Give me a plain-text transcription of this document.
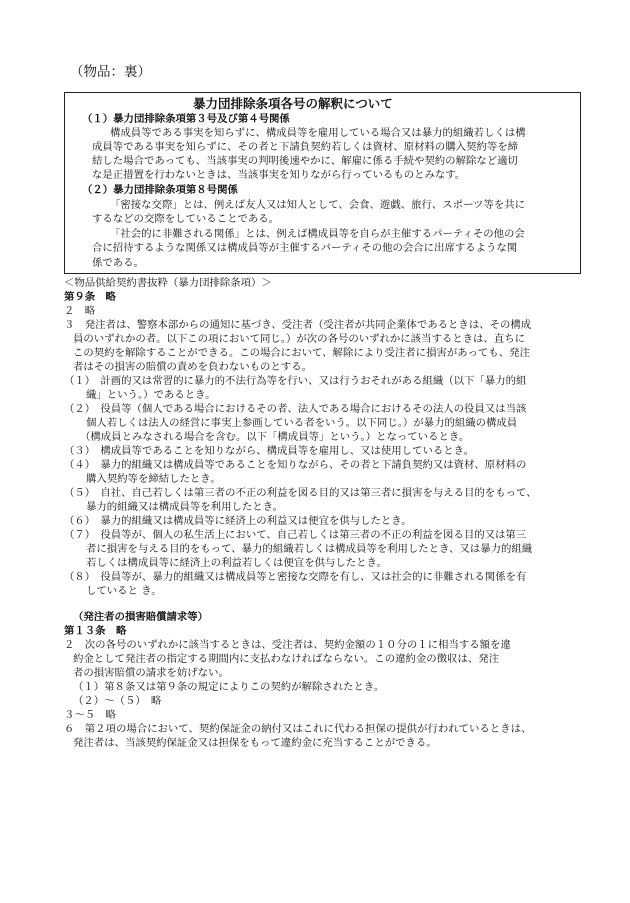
（物品：裏）
暴力団排除条項各号の解釈について
（１）暴力団排除条項第３号及び第４号関係
構成員等である事実を知らずに、構成員等を雇用している場合又は暴力的組織若しくは構
成員等である事実を知らずに、その者と下請負契約若しくは資材、原材料の購入契約等を締
結した場合であっても、当該事実の判明後速やかに、解雇に係る手続や契約の解除など適切
な是正措置を行わないときは、当該事実を知りながら行っているものとみなす。
（２）暴力団排除条項第８号関係
「密接な交際」とは、例えば友人又は知人として、会食、遊戯、旅行、スポーツ等を共に
するなどの交際をしていることである。
「社会的に非難される関係」とは、例えば構成員等を自らが主催するパーティその他の会
合に招待するような関係又は構成員等が主催するパーティその他の会合に出席するような関
係である。
＜物品供給契約書抜粋（暴力団排除条項）＞
第９条　略
２　略
３　発注者は、警察本部からの通知に基づき、受注者（受注者が共同企業体であるときは、その構成
員のいずれかの者。以下この項において同じ。）が次の各号のいずれかに該当するときは、直ちに
この契約を解除することができる。この場合において、解除により受注者に損害があっても、発注
者はその損害の賠償の責めを負わないものとする。
（１）　計画的又は常習的に暴力的不法行為等を行い、又は行うおそれがある組織（以下「暴力的組
織」という。）であるとき。
（２）　役員等（個人である場合におけるその者、法人である場合におけるその法人の役員又は当該
個人若しくは法人の経営に事実上参画している者をいう。以下同じ。）が暴力的組織の構成員
（構成員とみなされる場合を含む。以下「構成員等」という。）となっているとき。
（３）　構成員等であることを知りながら、構成員等を雇用し、又は使用しているとき。
（４）　暴力的組織又は構成員等であることを知りながら、その者と下請負契約又は資材、原材料の
購入契約等を締結したとき。
（５）　自社、自己若しくは第三者の不正の利益を図る目的又は第三者に損害を与える目的をもって、
暴力的組織又は構成員等を利用したとき。
（６）　暴力的組織又は構成員等に経済上の利益又は便宜を供与したとき。
（７）　役員等が、個人の私生活上において、自己若しくは第三者の不正の利益を図る目的又は第三
者に損害を与える目的をもって、暴力的組織若しくは構成員等を利用したとき、又は暴力的組織
若しくは構成員等に経済上の利益若しくは便宜を供与したとき。
（８）　役員等が、暴力的組織又は構成員等と密接な交際を有し、又は社会的に非難される関係を有
していると き。
（発注者の損害賠償請求等）
第１３条　略
２　次の各号のいずれかに該当するときは、受注者は、契約金額の１０分の１に相当する額を違
約金として発注者の指定する期間内に支払わなければならない。この違約金の徴収は、発注
者の損害賠償の請求を妨げない。
（１）第８条又は第９条の規定によりこの契約が解除されたとき。
（２）～（５）　略
３～５　略
６　第２項の場合において、契約保証金の納付又はこれに代わる担保の提供が行われているときは、
発注者は、当該契約保証金又は担保をもって違約金に充当することができる。
